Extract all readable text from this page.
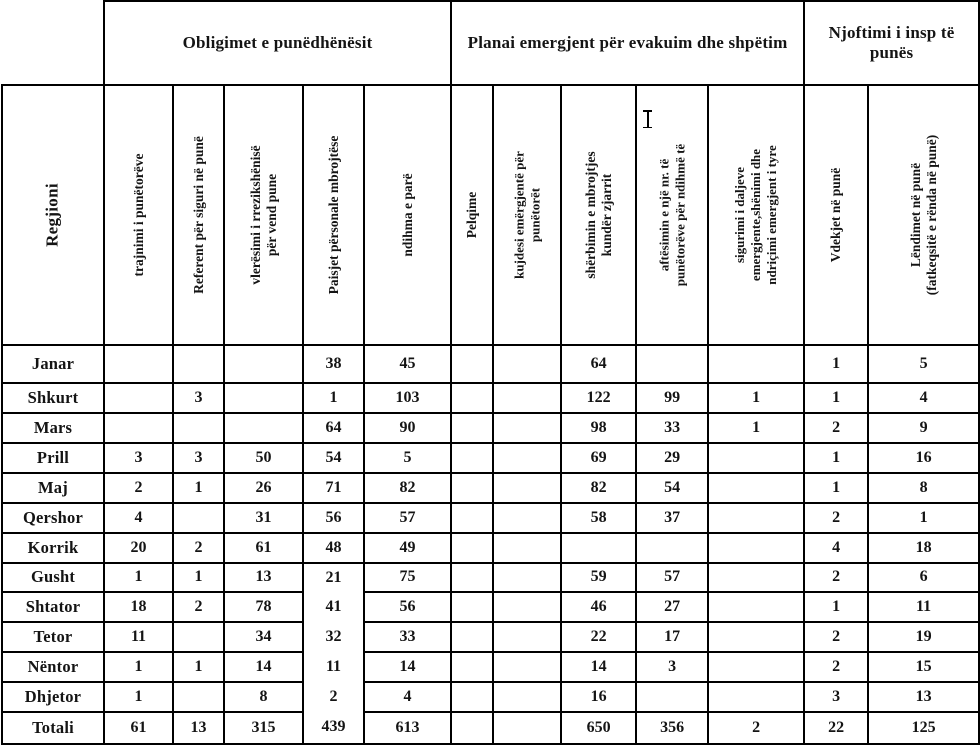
	Obligimet e punëdhënësit					Planai emergjent për evakuim dhe shpëtim					Njoftimi i insp të punës	

Regjioni	trajnimi i punëtorëve	Referent për siguri në punë	vlerësimi i rrezikshënisë për vend pune	Paisjet përsonale mbrojtëse	ndihma e parë	Pelqime	kujdesi emërgjentë për punëtorët	shërbimin e mbrojtjes kundër zjarrit	aftësimin e një nr. të punëtorëve për ndihmë të	sigurimi i daljeve emergjente,shënimi dhe ndriçimi emergjent i tyre	Vdekjet në punë	Lëndimet në punë (fatkeqsitë e rënda në punë)

Janar				38	45			64			1	5
Shkurt		3		1	103			122	99	1	1	4
Mars				64	90			98	33	1	2	9
Prill	3	3	50	54	5			69	29		1	16
Maj	2	1	26	71	82			82	54		1	8
Qershor	4		31	56	57			58	37		2	1
Korrik	20	2	61	48	49						4	18
Gusht	1	1	13	21	75			59	57		2	6
Shtator	18	2	78	41	56			46	27		1	11
Tetor	11		34	32	33			22	17		2	19
Nëntor	1	1	14	11	14			14	3		2	15
Dhjetor	1		8	2	4			16			3	13
Totali	61	13	315	439	613			650	356	2	22	125
